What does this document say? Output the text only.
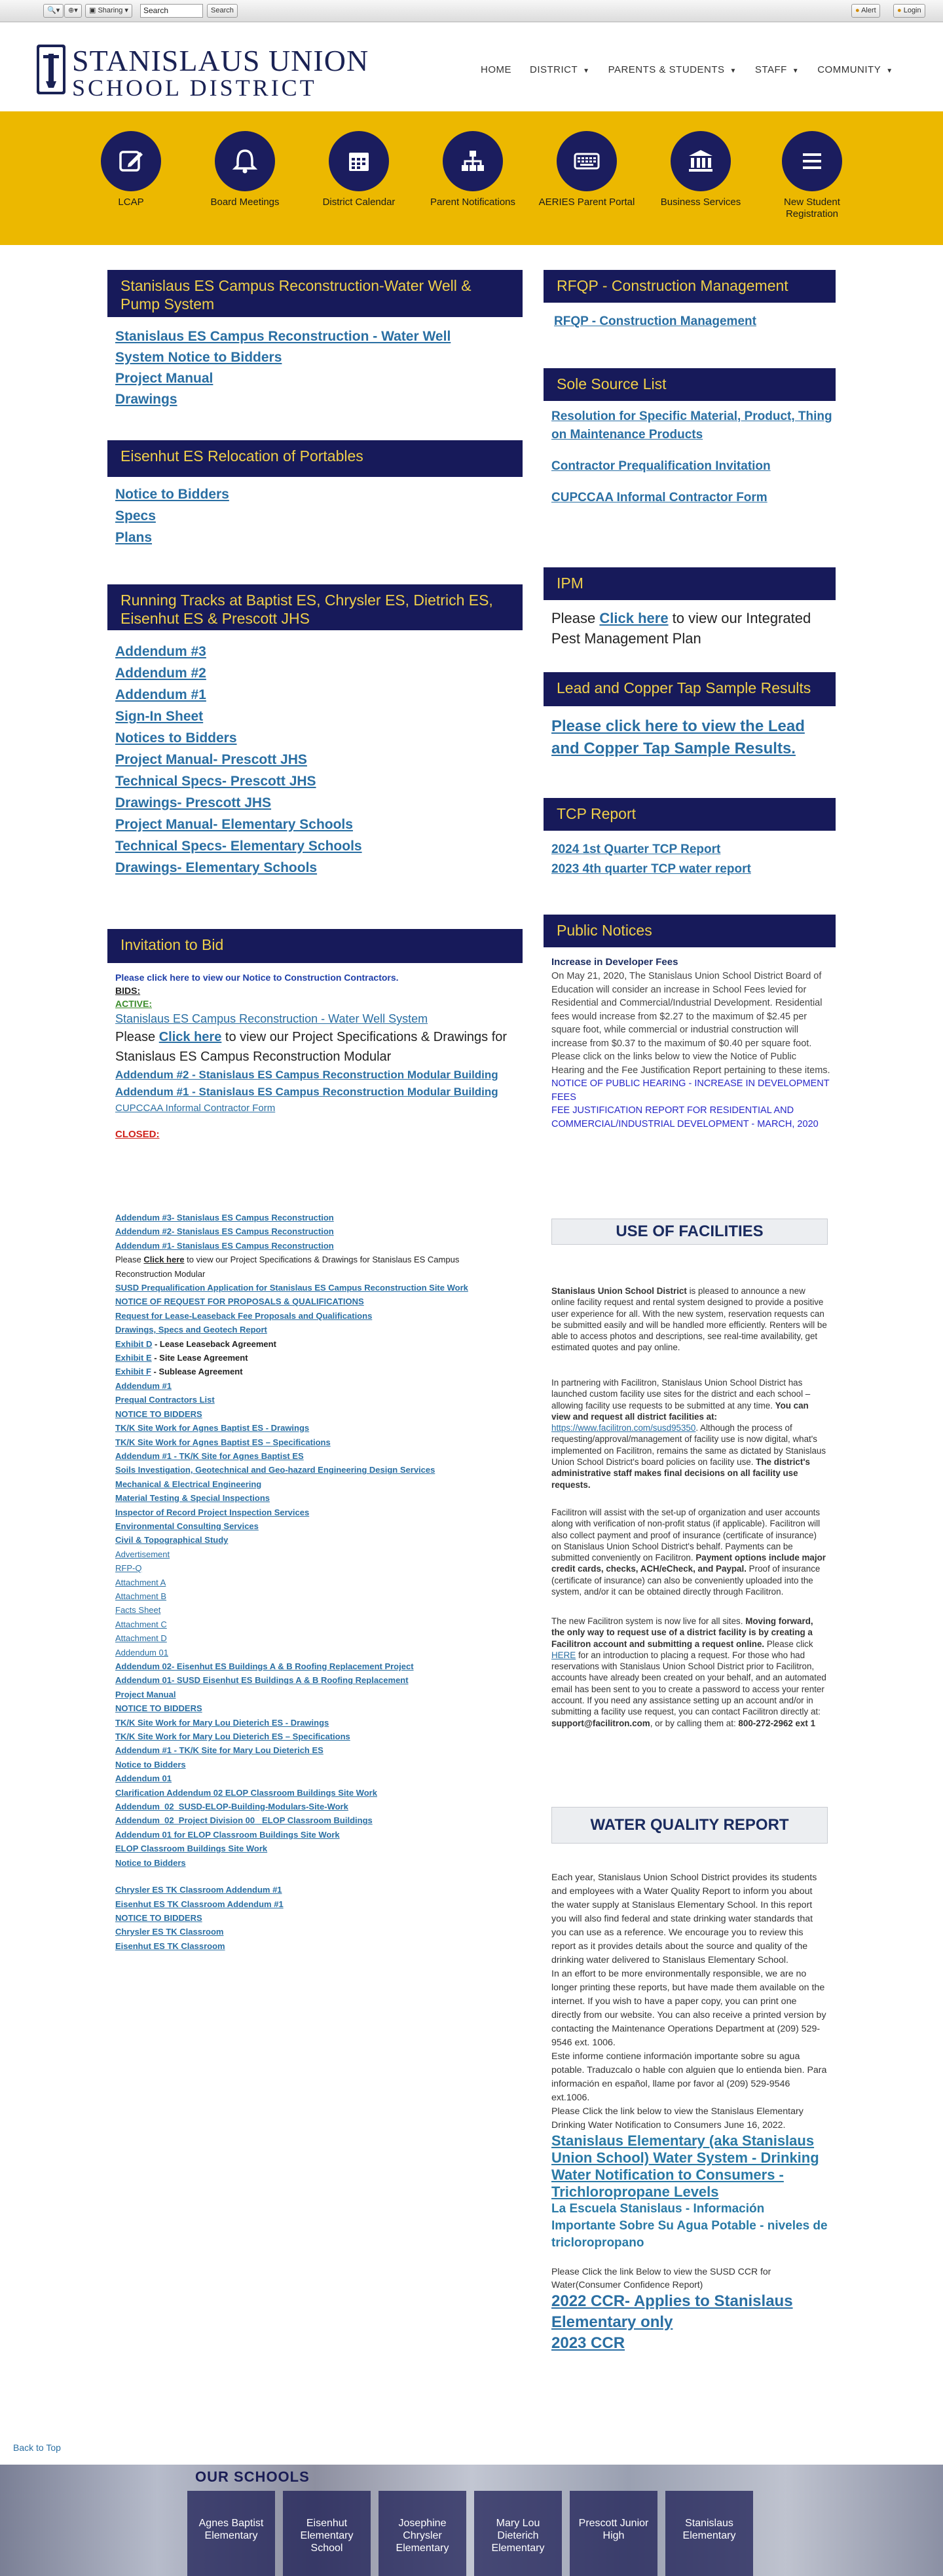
🔍▾	⊕▾	▣ Sharing ▾	Search	Search	● Alert	● Login
STANISLAUS UNION
SCHOOL DISTRICT
HOME DISTRICT ▼ PARENTS & STUDENTS ▼ STAFF ▼ COMMUNITY ▼
LCAP	Board Meetings	District Calendar	Parent Notifications	AERIES Parent Portal	Business Services	New Student Registration
Stanislaus ES Campus Reconstruction-Water Well & Pump System
Stanislaus ES Campus Reconstruction - Water Well System Notice to Bidders
Project Manual
Drawings
Eisenhut ES Relocation of Portables
Notice to Bidders
Specs
Plans
Running Tracks at Baptist ES, Chrysler ES, Dietrich ES, Eisenhut ES & Prescott JHS
Addendum #3
Addendum #2
Addendum #1
Sign-In Sheet
Notices to Bidders
Project Manual- Prescott JHS
Technical Specs- Prescott JHS
Drawings- Prescott JHS
Project Manual- Elementary Schools
Technical Specs- Elementary Schools
Drawings- Elementary Schools
Invitation to Bid
Please click here to view our Notice to Construction Contractors.
BIDS:
ACTIVE:
Stanislaus ES Campus Reconstruction - Water Well System
Please Click here to view our Project Specifications & Drawings for Stanislaus ES Campus Reconstruction Modular
Addendum #2 - Stanislaus ES Campus Reconstruction Modular Building
Addendum #1 - Stanislaus ES Campus Reconstruction Modular Building
CUPCCAA Informal Contractor Form
CLOSED:
Addendum #3- Stanislaus ES Campus Reconstruction
Addendum #2- Stanislaus ES Campus Reconstruction
Addendum #1- Stanislaus ES Campus Reconstruction
Please Click here to view our Project Specifications & Drawings for Stanislaus ES Campus
Reconstruction Modular
SUSD Prequalification Application for Stanislaus ES Campus Reconstruction Site Work
NOTICE OF REQUEST FOR PROPOSALS & QUALIFICATIONS
Request for Lease-Leaseback Fee Proposals and Qualifications
Drawings, Specs and Geotech Report
Exhibit D - Lease Leaseback Agreement
Exhibit E - Site Lease Agreement
Exhibit F - Sublease Agreement
Addendum #1
Prequal Contractors List
NOTICE TO BIDDERS
TK/K Site Work for Agnes Baptist ES - Drawings
TK/K Site Work for Agnes Baptist ES – Specifications
Addendum #1 - TK/K Site for Agnes Baptist ES
Soils Investigation, Geotechnical and Geo-hazard Engineering Design Services
Mechanical & Electrical Engineering
Material Testing & Special Inspections
Inspector of Record Project Inspection Services
Environmental Consulting Services
Civil & Topographical Study
Advertisement
RFP-Q
Attachment A
Attachment B
Facts Sheet
Attachment C
Attachment D
Addendum 01
Addendum 02- Eisenhut ES Buildings A & B Roofing Replacement Project
Addendum 01- SUSD Eisenhut ES Buildings A & B Roofing Replacement
Project Manual
NOTICE TO BIDDERS
TK/K Site Work for Mary Lou Dieterich ES - Drawings
TK/K Site Work for Mary Lou Dieterich ES – Specifications
Addendum #1 - TK/K Site for Mary Lou Dieterich ES
Notice to Bidders
Addendum 01
Clarification Addendum 02 ELOP Classroom Buildings Site Work
Addendum_02_SUSD-ELOP-Building-Modulars-Site-Work
Addendum_02_Project Division 00_ ELOP Classroom Buildings
Addendum 01 for ELOP Classroom Buildings Site Work
ELOP Classroom Buildings Site Work
Notice to Bidders
Chrysler ES TK Classroom Addendum #1
Eisenhut ES TK Classroom Addendum #1
NOTICE TO BIDDERS
Chrysler ES TK Classroom
Eisenhut ES TK Classroom
RFQP - Construction Management
RFQP - Construction Management
Sole Source List
Resolution for Specific Material, Product, Thing on Maintenance Products
Contractor Prequalification Invitation
CUPCCAA Informal Contractor Form
IPM
Please Click here to view our Integrated Pest Management Plan
Lead and Copper Tap Sample Results
Please click here to view the Lead and Copper Tap Sample Results.
TCP Report
2024 1st Quarter TCP Report
2023 4th quarter TCP water report
Public Notices
Increase in Developer Fees
On May 21, 2020, The Stanislaus Union School District Board of Education will consider an increase in School Fees levied for Residential and Commercial/Industrial Development. Residential fees would increase from $2.27 to the maximum of $2.45 per square foot, while commercial or industrial construction will increase from $0.37 to the maximum of $0.40 per square foot. Please click on the links below to view the Notice of Public Hearing and the Fee Justification Report pertaining to these items.
NOTICE OF PUBLIC HEARING - INCREASE IN DEVELOPMENT FEES
FEE JUSTIFICATION REPORT FOR RESIDENTIAL AND COMMERCIAL/INDUSTRIAL DEVELOPMENT - MARCH, 2020
USE OF FACILITIES
Stanislaus Union School District is pleased to announce a new online facility request and rental system designed to provide a positive user experience for all. With the new system, reservation requests can be submitted easily and will be handled more efficiently. Renters will be able to access photos and descriptions, see real-time availability, get estimated quotes and pay online.
In partnering with Facilitron, Stanislaus Union School District has launched custom facility use sites for the district and each school – allowing facility use requests to be submitted at any time. You can view and request all district facilities at: https://www.facilitron.com/susd95350. Although the process of requesting/approval/management of facility use is now digital, what's implemented on Facilitron, remains the same as dictated by Stanislaus Union School District's board policies on facility use. The district's administrative staff makes final decisions on all facility use requests.
Facilitron will assist with the set-up of organization and user accounts along with verification of non-profit status (if applicable). Facilitron will also collect payment and proof of insurance (certificate of insurance) on Stanislaus Union School District's behalf. Payments can be submitted conveniently on Facilitron. Payment options include major credit cards, checks, ACH/eCheck, and Paypal. Proof of insurance (certificate of insurance) can also be conveniently uploaded into the system, and/or it can be obtained directly through Facilitron.
The new Facilitron system is now live for all sites. Moving forward, the only way to request use of a district facility is by creating a Facilitron account and submitting a request online. Please click HERE for an introduction to placing a request. For those who had reservations with Stanislaus Union School District prior to Facilitron, accounts have already been created on your behalf, and an automated email has been sent to you to create a password to access your renter account. If you need any assistance setting up an account and/or in submitting a facility use request, you can contact Facilitron directly at: support@facilitron.com, or by calling them at: 800-272-2962 ext 1
WATER QUALITY REPORT
Each year, Stanislaus Union School District provides its students and employees with a Water Quality Report to inform you about the water supply at Stanislaus Elementary School. In this report you will also find federal and state drinking water standards that you can use as a reference. We encourage you to review this report as it provides details about the source and quality of the drinking water delivered to Stanislaus Elementary School.
In an effort to be more environmentally responsible, we are no longer printing these reports, but have made them available on the internet. If you wish to have a paper copy, you can print one directly from our website. You can also receive a printed version by contacting the Maintenance Operations Department at (209) 529-9546 ext. 1006.
Este informe contiene información importante sobre su agua potable. Traduzcalo o hable con alguien que lo entienda bien. Para información en español, llame por favor al (209) 529-9546 ext.1006.
Please Click the link below to view the Stanislaus Elementary Drinking Water Notification to Consumers June 16, 2022.
Stanislaus Elementary (aka Stanislaus Union School) Water System - Drinking Water Notification to Consumers - Trichloropropane Levels
La Escuela Stanislaus - Información Importante Sobre Su Agua Potable - niveles de tricloropropano
Please Click the link Below to view the SUSD CCR for Water(Consumer Confidence Report)
2022 CCR- Applies to Stanislaus Elementary only
2023 CCR
Back to Top
OUR SCHOOLS
Agnes Baptist Elementary
Eisenhut Elementary School
Josephine Chrysler Elementary
Mary Lou Dieterich Elementary
Prescott Junior High
Stanislaus Elementary
